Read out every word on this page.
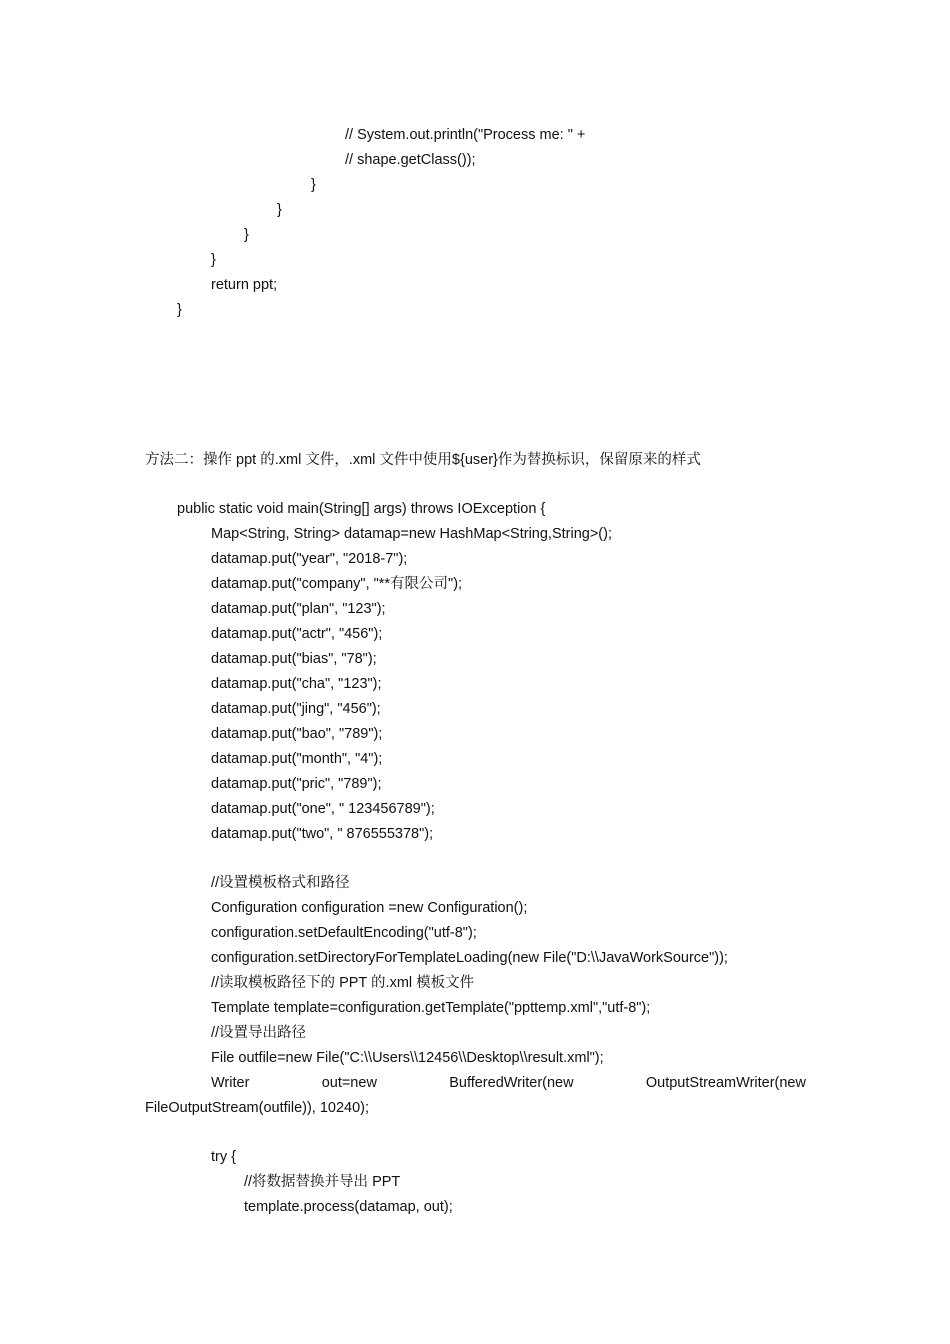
// System.out.println("Process me: " +
// shape.getClass());
}
}
}
}
return ppt;
}
方法二：操作 ppt 的.xml 文件，.xml 文件中使用${user}作为替换标识，保留原来的样式
public static void main(String[] args) throws IOException {
Map<String, String> datamap=new HashMap<String,String>();
datamap.put("year", "2018-7");
datamap.put("company", "**有限公司");
datamap.put("plan", "123");
datamap.put("actr", "456");
datamap.put("bias", "78");
datamap.put("cha", "123");
datamap.put("jing", "456");
datamap.put("bao", "789");
datamap.put("month", "4");
datamap.put("pric", "789");
datamap.put("one", " 123456789");
datamap.put("two", " 876555378");
//设置模板格式和路径
Configuration configuration =new Configuration();
configuration.setDefaultEncoding("utf-8");
configuration.setDirectoryForTemplateLoading(new File("D:\\JavaWorkSource"));
//读取模板路径下的 PPT 的.xml 模板文件
Template template=configuration.getTemplate("ppttemp.xml","utf-8");
//设置导出路径
File outfile=new File("C:\\Users\\12456\\Desktop\\result.xml");
Writer	out=new	BufferedWriter(new	OutputStreamWriter(new
FileOutputStream(outfile)), 10240);
try {
//将数据替换并导出 PPT
template.process(datamap, out);
